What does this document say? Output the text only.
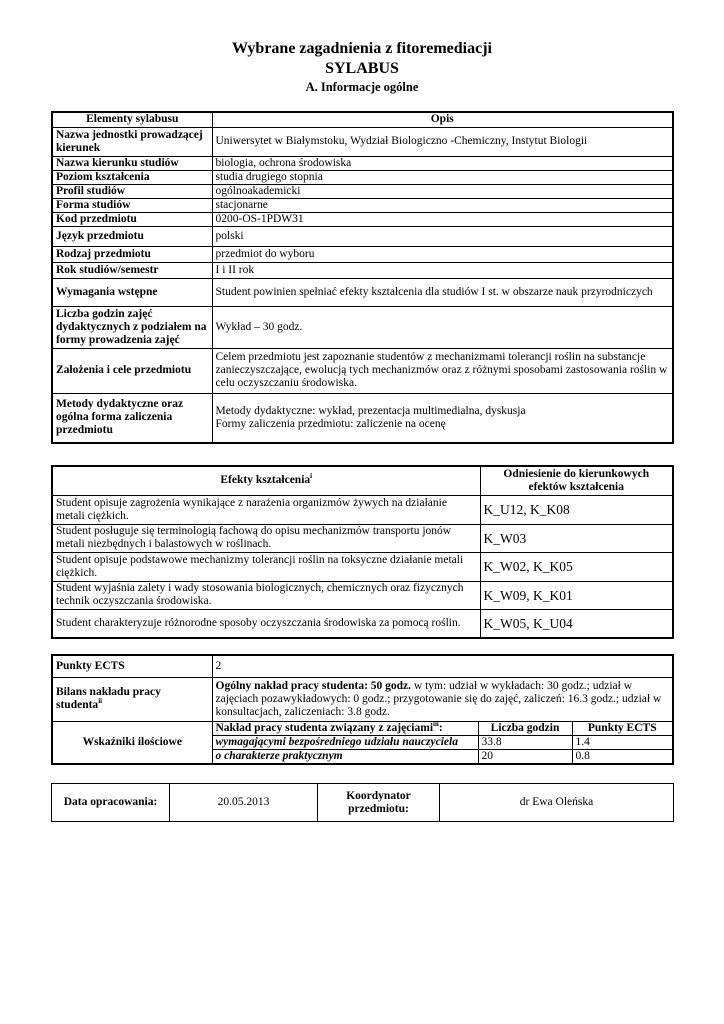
Wybrane zagadnienia z fitoremediacji
SYLABUS
A. Informacje ogólne
Elementy sylabusu	Opis
Nazwa jednostki prowadzącej kierunek	Uniwersytet w Białymstoku, Wydział Biologiczno -Chemiczny, Instytut Biologii
Nazwa kierunku studiów	biologia, ochrona środowiska
Poziom kształcenia	studia drugiego stopnia
Profil studiów	ogólnoakademicki
Forma studiów	stacjonarne
Kod przedmiotu	0200-OS-1PDW31
Język przedmiotu	polski
Rodzaj przedmiotu	przedmiot do wyboru
Rok studiów/semestr	I i II rok
Wymagania wstępne	Student powinien spełniać efekty kształcenia dla studiów I st. w obszarze nauk przyrodniczych
Liczba godzin zajęć dydaktycznych z podziałem na formy prowadzenia zajęć	Wykład – 30 godz.
Założenia i cele przedmiotu	Celem przedmiotu jest zapoznanie studentów z mechanizmami tolerancji roślin na substancje zanieczyszczające, ewolucją tych mechanizmów oraz z różnymi sposobami zastosowania roślin w celu oczyszczaniu środowiska.
Metody dydaktyczne oraz ogólna forma zaliczenia przedmiotu	Metody dydaktyczne: wykład, prezentacja multimedialna, dyskusja
Formy zaliczenia przedmiotu: zaliczenie na ocenę
Efekty kształcenia$^i$	Odniesienie do kierunkowych efektów kształcenia
Student opisuje zagrożenia wynikające z narażenia organizmów żywych na działanie metali ciężkich.	K_U12, K_K08
Student posługuje się terminologią fachową do opisu mechanizmów transportu jonów metali niezbędnych i balastowych w roślinach.	K_W03
Student opisuje podstawowe mechanizmy tolerancji roślin na toksyczne działanie metali ciężkich.	K_W02, K_K05
Student wyjaśnia zalety i wady stosowania biologicznych, chemicznych oraz fizycznych technik oczyszczania środowiska.	K_W09, K_K01
Student charakteryzuje różnorodne sposoby oczyszczania środowiska za pomocą roślin.	K_W05, K_U04
Punkty ECTS	2		
Bilans nakładu pracy studenta$^{ii}$	Ogólny nakład pracy studenta: 50 godz. w tym: udział w wykładach: 30 godz.; udział w zajęciach pozawykładowych: 0 godz.; przygotowanie się do zajęć, zaliczeń: 16.3 godz.; udział w konsultacjach, zaliczeniach: 3.8 godz.		
Wskaźniki ilościowe	Nakład pracy studenta związany z zajęciami$^{iii}$:	Liczba godzin	Punkty ECTS
	wymagającymi bezpośredniego udziału nauczyciela	33.8	1.4
	o charakterze praktycznym	20	0.8
Data opracowania:	20.05.2013	Koordynator przedmiotu:	dr Ewa Oleńska
